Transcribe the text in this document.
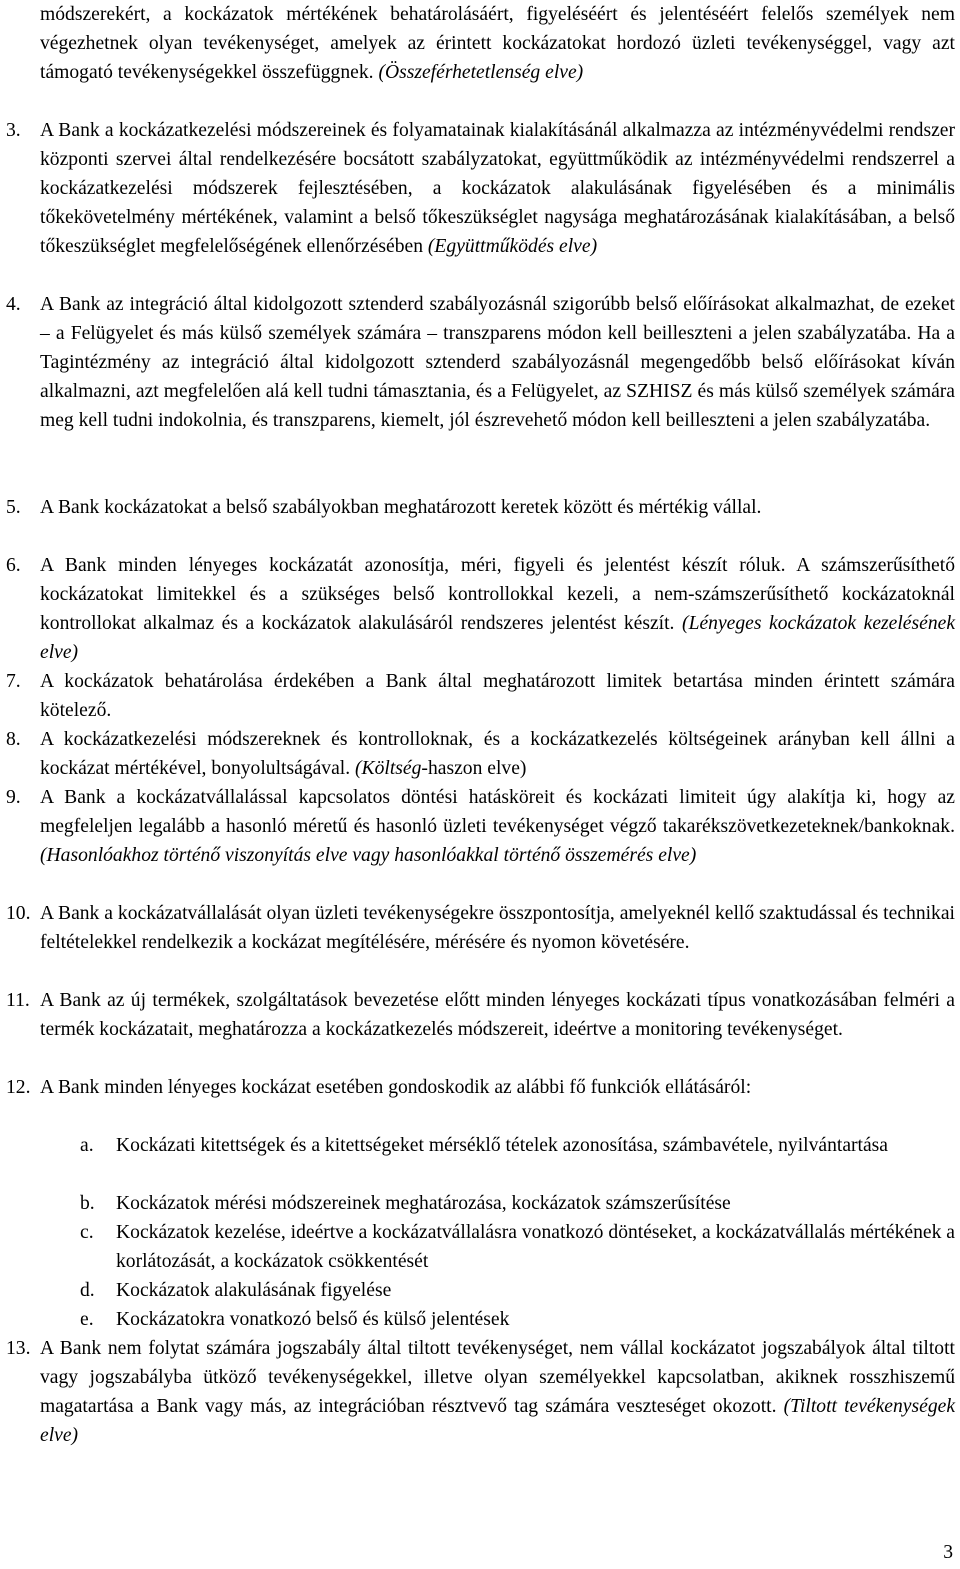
módszerekért, a kockázatok mértékének behatárolásáért, figyeléséért és jelentéséért felelős személyek nem végezhetnek olyan tevékenységet, amelyek az érintett kockázatokat hordozó üzleti tevékenységgel, vagy azt támogató tevékenységekkel összefüggnek. (Összeférhetetlenség elve)
3. A Bank a kockázatkezelési módszereinek és folyamatainak kialakításánál alkalmazza az intézményvédelmi rendszer központi szervei által rendelkezésére bocsátott szabályzatokat, együttműködik az intézményvédelmi rendszerrel a kockázatkezelési módszerek fejlesztésében, a kockázatok alakulásának figyelésében és a minimális tőkekövetelmény mértékének, valamint a belső tőkeszükséglet nagysága meghatározásának kialakításában, a belső tőkeszükséglet megfelelőségének ellenőrzésében (Együttműködés elve)
4. A Bank az integráció által kidolgozott sztenderd szabályozásnál szigorúbb belső előírásokat alkalmazhat, de ezeket – a Felügyelet és más külső személyek számára – transzparens módon kell beilleszteni a jelen szabályzatába. Ha a Tagintézmény az integráció által kidolgozott sztenderd szabályozásnál megengedőbb belső előírásokat kíván alkalmazni, azt megfelelően alá kell tudni támasztania, és a Felügyelet, az SZHISZ és más külső személyek számára meg kell tudni indokolnia, és transzparens, kiemelt, jól észrevehető módon kell beilleszteni a jelen szabályzatába.
5. A Bank kockázatokat a belső szabályokban meghatározott keretek között és mértékig vállal.
6. A Bank minden lényeges kockázatát azonosítja, méri, figyeli és jelentést készít róluk. A számszerűsíthető kockázatokat limitekkel és a szükséges belső kontrollokkal kezeli, a nem-számszerűsíthető kockázatoknál kontrollokat alkalmaz és a kockázatok alakulásáról rendszeres jelentést készít. (Lényeges kockázatok kezelésének elve)
7. A kockázatok behatárolása érdekében a Bank által meghatározott limitek betartása minden érintett számára kötelező.
8. A kockázatkezelési módszereknek és kontrolloknak, és a kockázatkezelés költségeinek arányban kell állni a kockázat mértékével, bonyolultságával. (Költség-haszon elve)
9. A Bank a kockázatvállalással kapcsolatos döntési hatásköreit és kockázati limiteit úgy alakítja ki, hogy az megfeleljen legalább a hasonló méretű és hasonló üzleti tevékenységet végző takarékszövetkezeteknek/bankoknak. (Hasonlóakhoz történő viszonyítás elve vagy hasonlóakkal történő összemérés elve)
10. A Bank a kockázatvállalását olyan üzleti tevékenységekre összpontosítja, amelyeknél kellő szaktudással és technikai feltételekkel rendelkezik a kockázat megítélésére, mérésére és nyomon követésére.
11. A Bank az új termékek, szolgáltatások bevezetése előtt minden lényeges kockázati típus vonatkozásában felméri a termék kockázatait, meghatározza a kockázatkezelés módszereit, ideértve a monitoring tevékenységet.
12. A Bank minden lényeges kockázat esetében gondoskodik az alábbi fő funkciók ellátásáról:
a. Kockázati kitettségek és a kitettségeket mérséklő tételek azonosítása, számbavétele, nyilvántartása
b. Kockázatok mérési módszereinek meghatározása, kockázatok számszerűsítése
c. Kockázatok kezelése, ideértve a kockázatvállalásra vonatkozó döntéseket, a kockázatvállalás mértékének a korlátozását, a kockázatok csökkentését
d. Kockázatok alakulásának figyelése
e. Kockázatokra vonatkozó belső és külső jelentések
13. A Bank nem folytat számára jogszabály által tiltott tevékenységet, nem vállal kockázatot jogszabályok által tiltott vagy jogszabályba ütköző tevékenységekkel, illetve olyan személyekkel kapcsolatban, akiknek rosszhiszemű magatartása a Bank vagy más, az integrációban résztvevő tag számára veszteséget okozott. (Tiltott tevékenységek elve)
3
